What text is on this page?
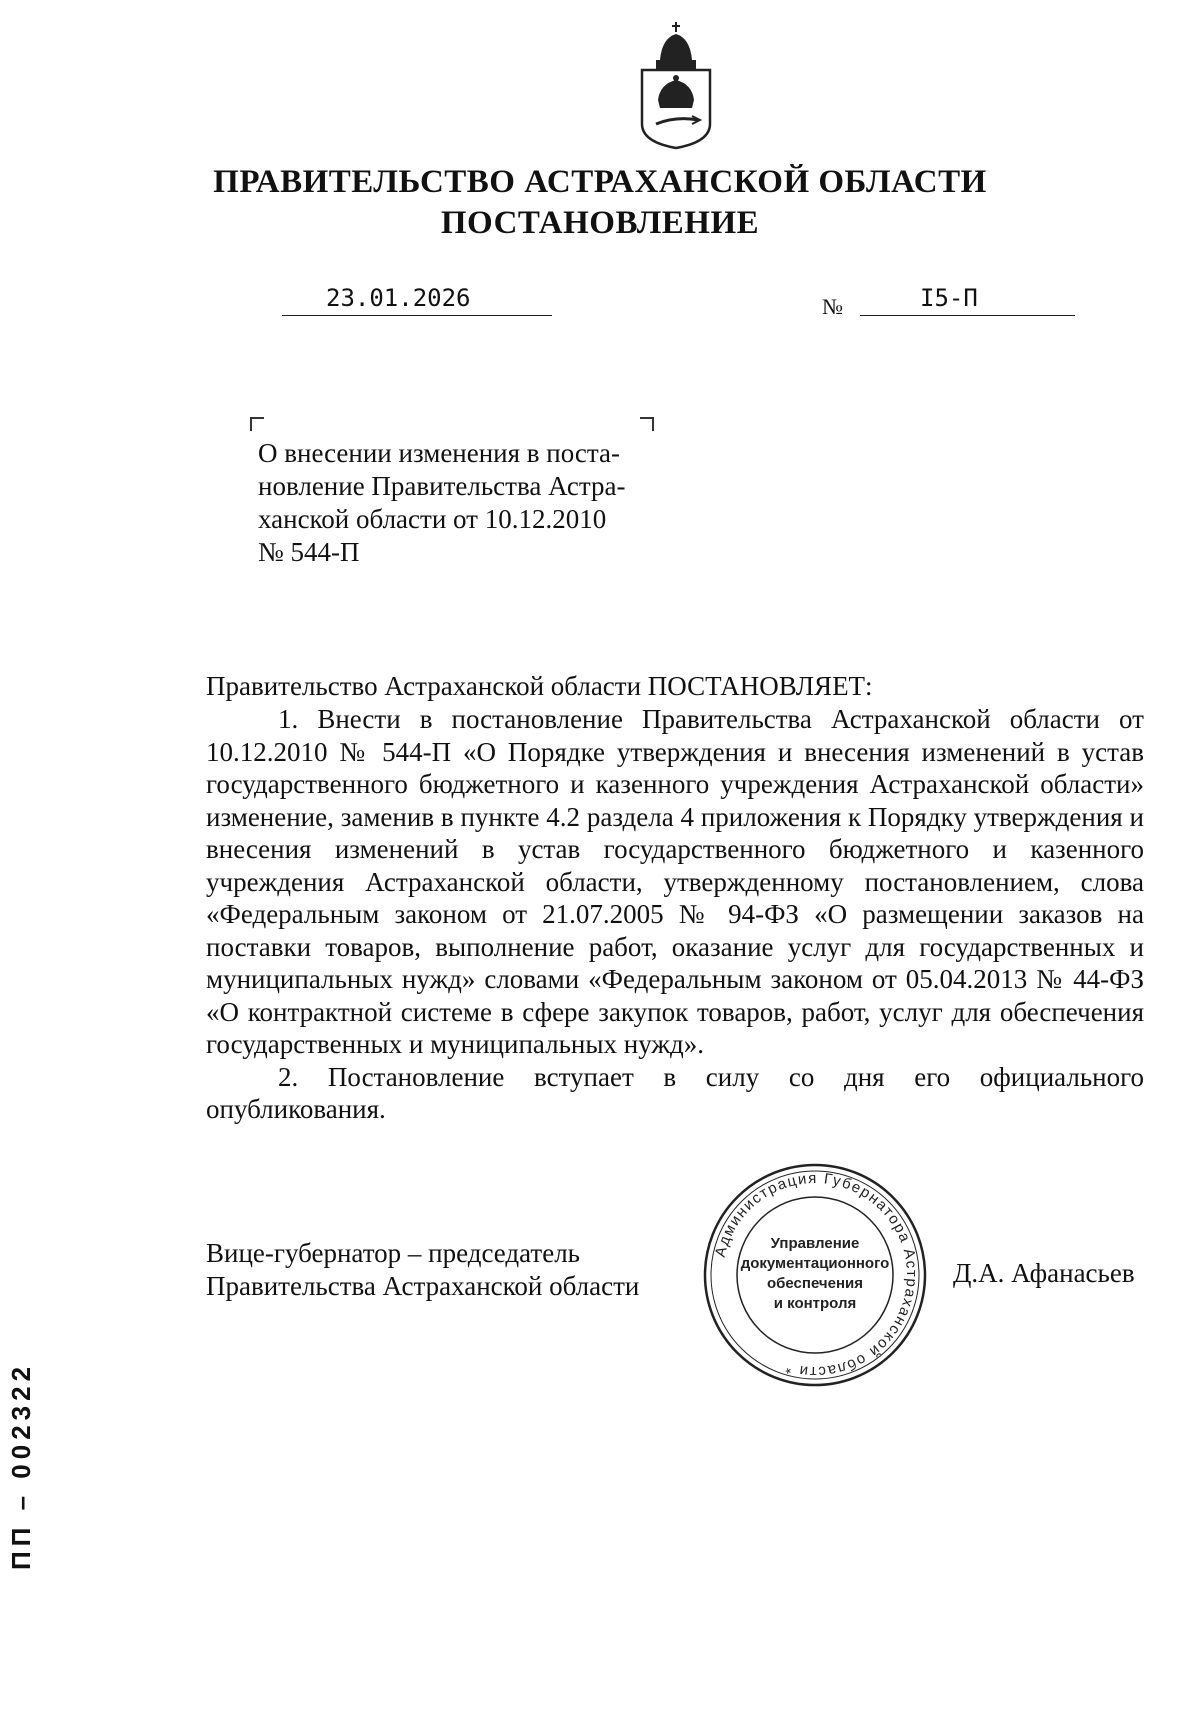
ПРАВИТЕЛЬСТВО АСТРАХАНСКОЙ ОБЛАСТИ
ПОСТАНОВЛЕНИЕ
23.01.2026	№	I5-П
О внесении изменения в поста-
новление Правительства Астра-
ханской области от 10.12.2010
№ 544-П
Правительство Астраханской области ПОСТАНОВЛЯЕТ:

1. Внести в постановление Правительства Астраханской области от 10.12.2010 № 544-П «О Порядке утверждения и внесения изменений в устав государственного бюджетного и казенного учреждения Астраханской области» изменение, заменив в пункте 4.2 раздела 4 приложения к Порядку утверждения и внесения изменений в устав государственного бюджетного и казенного учреждения Астраханской области, утвержденному постановлением, слова «Федеральным законом от 21.07.2005 № 94-ФЗ «О размещении заказов на поставки товаров, выполнение работ, оказание услуг для государственных и муниципальных нужд» словами «Федеральным законом от 05.04.2013 № 44-ФЗ «О контрактной системе в сфере закупок товаров, работ, услуг для обеспечения государственных и муниципальных нужд».

2. Постановление вступает в силу со дня его официального опубликования.

Вице-губернатор – председатель
Правительства Астраханской области
Администрация Губернатора Астраханской области *
Управление
документационного
обеспечения
и контроля
Д.А. Афанасьев
ПП – 002322
